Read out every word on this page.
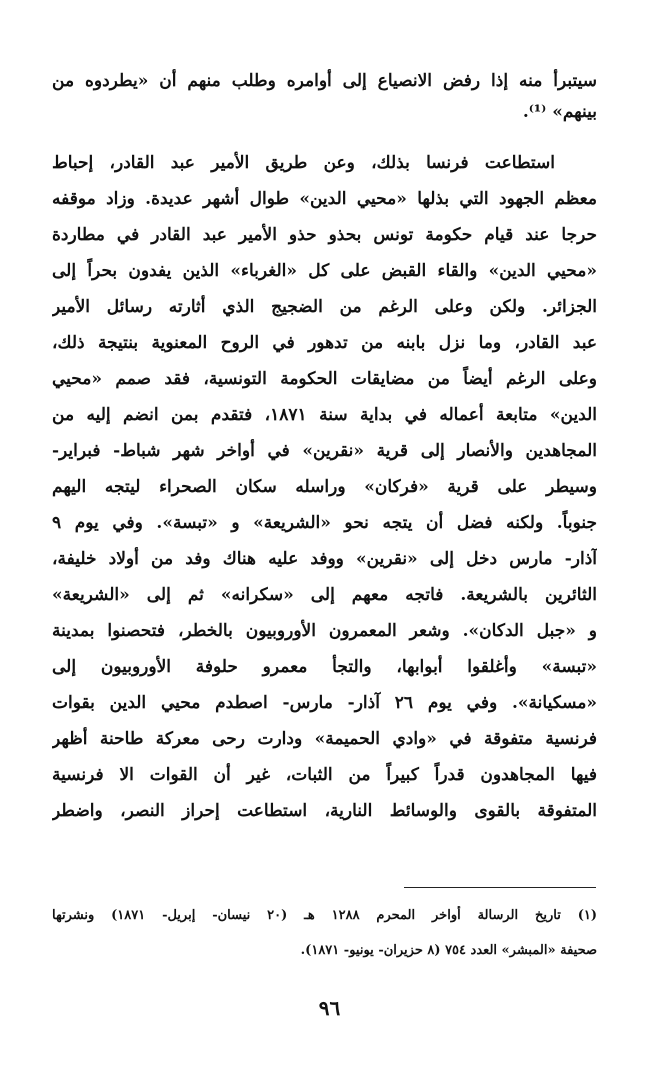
سيتبرأ منه إذا رفض الانصياع إلى أوامره وطلب منهم أن «يطردوه من
بينهم» ⁽¹⁾.
استطاعت فرنسا بذلك، وعن طريق الأمير عبد القادر، إحباط
معظم الجهود التي بذلها «محيي الدين» طوال أشهر عديدة. وزاد موقفه
حرجا عند قيام حكومة تونس بحذو حذو الأمير عبد القادر في مطاردة
«محيي الدين» والقاء القبض على كل «الغرباء» الذين يفدون بحراً إلى
الجزائر. ولكن وعلى الرغم من الضجيج الذي أثارته رسائل الأمير
عبد القادر، وما نزل بابنه من تدهور في الروح المعنوية بنتيجة ذلك،
وعلى الرغم أيضاً من مضايقات الحكومة التونسية، فقد صمم «محيي
الدين» متابعة أعماله في بداية سنة ١٨٧١، فتقدم بمن انضم إليه من
المجاهدين والأنصار إلى قرية «نقرين» في أواخر شهر شباط- فبراير-
وسيطر على قرية «فركان» وراسله سكان الصحراء ليتجه اليهم
جنوباً. ولكنه فضل أن يتجه نحو «الشريعة» و «تبسة». وفي يوم ٩
آذار- مارس دخل إلى «نقرين» ووفد عليه هناك وفد من أولاد خليفة،
الثائرين بالشريعة. فاتجه معهم إلى «سكرانه» ثم إلى «الشريعة»
و «جبل الدكان». وشعر المعمرون الأوروبيون بالخطر، فتحصنوا بمدينة
«تبسة» وأغلقوا أبوابها، والتجأ معمرو حلوفة الأوروبيون إلى
«مسكيانة». وفي يوم ٢٦ آذار- مارس- اصطدم محيي الدين بقوات
فرنسية متفوقة في «وادي الحميمة» ودارت رحى معركة طاحنة أظهر
فيها المجاهدون قدراً كبيراً من الثبات، غير أن القوات الا فرنسية
المتفوقة بالقوى والوسائط النارية، استطاعت إحراز النصر، واضطر
(١) تاريخ الرسالة أواخر المحرم ١٢٨٨ هـ (٢٠ نيسان- إبريل- ١٨٧١) ونشرتها
صحيفة «المبشر» العدد ٧٥٤ (٨ حزيران- يونيو- ١٨٧١).
٩٦
